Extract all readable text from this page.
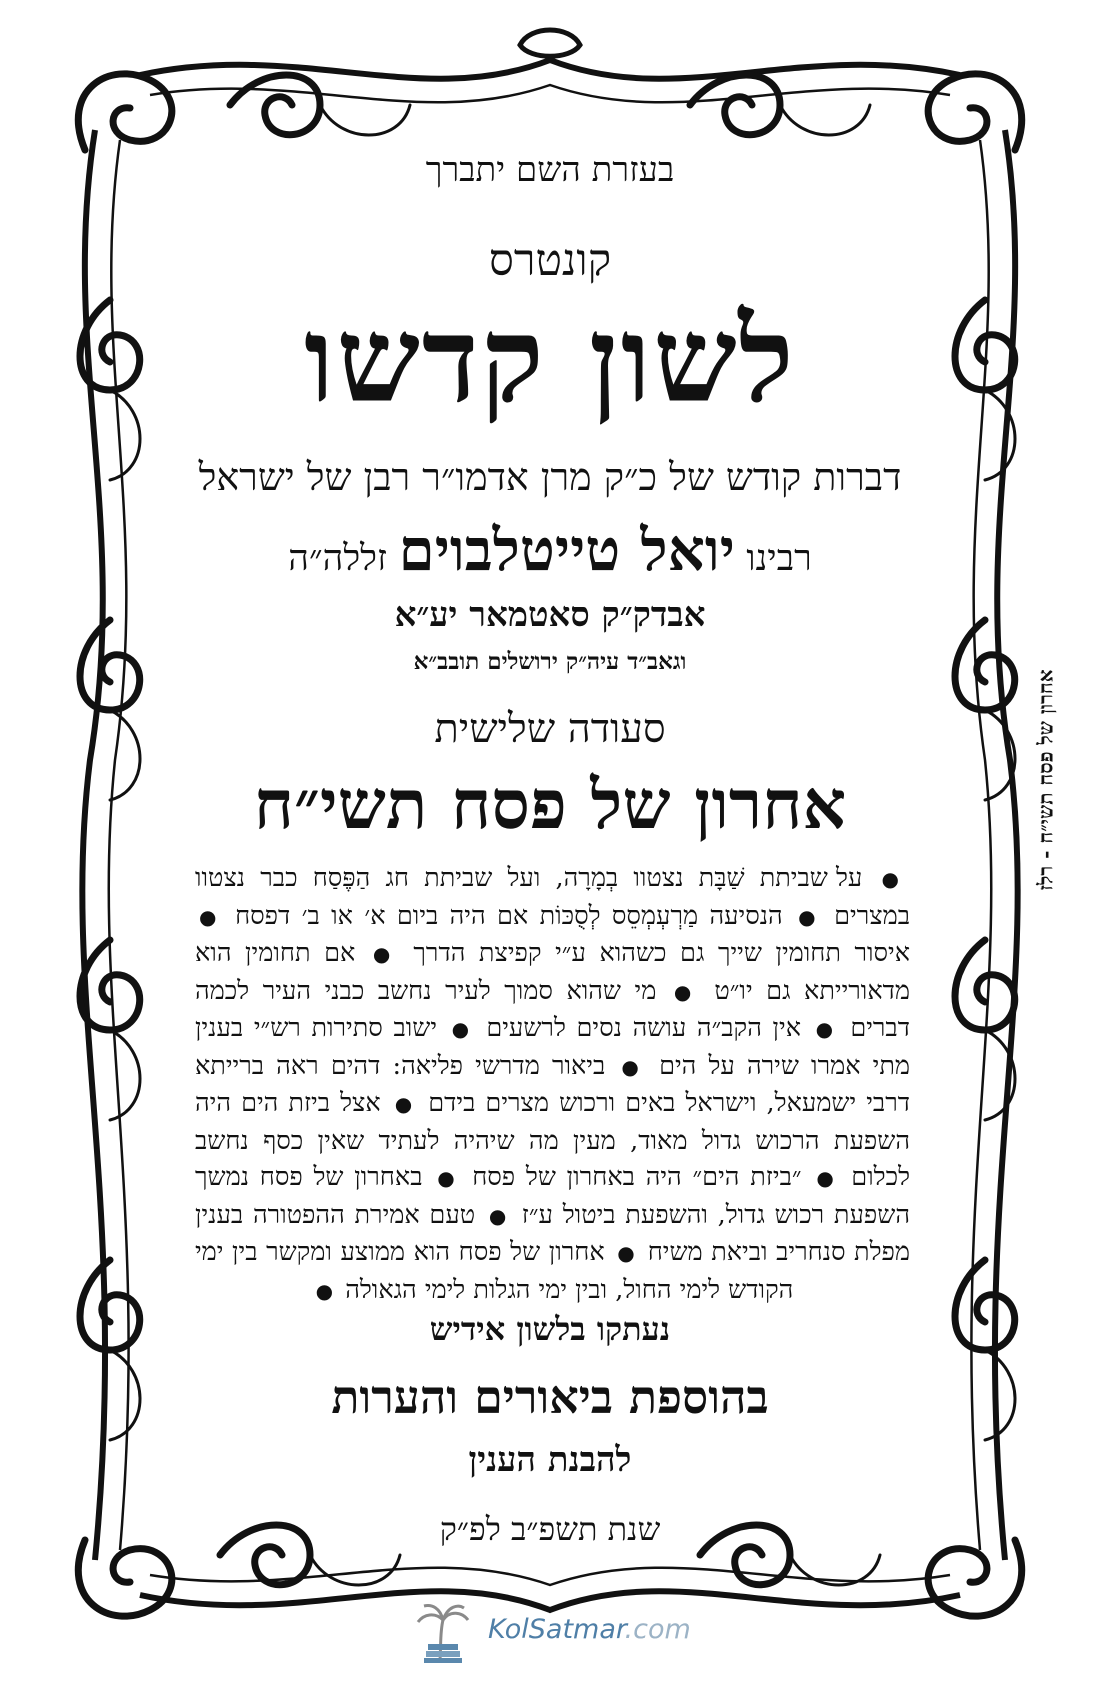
בעזרת השם יתברך
קונטרס
לשון קדשו
דברות קודש של כ״ק מרן אדמו״ר רבן של ישראל
רבינו יואל טייטלבוים זללה״ה
אבדק״ק סאטמאר יע״א
וגאב״ד עיה״ק ירושלים תובב״א
סעודה שלישית
אחרון של פסח תשי״ח
● על שביתת שַׁבָּת נצטוו בְמָרָה, ועל שביתת חג הַפֶּסַח כבר נצטוו במצרים ● הנסיעה מַרְעְמְסֵס לְסֻכּוֹת אם היה ביום א׳ או ב׳ דפסח ● איסור תחומין שייך גם כשהוא ע״י קפיצת הדרך ● אם תחומין הוא מדאורייתא גם יו״ט ● מי שהוא סמוך לעיר נחשב כבני העיר לכמה דברים ● אין הקב״ה עושה נסים לרשעים ● ישוב סתירות רש״י בענין מתי אמרו שירה על הים ● ביאור מדרשי פליאה: דהים ראה ברייתא דרבי ישמעאל, וישראל באים ורכוש מצרים בידם ● אצל ביזת הים היה השפעת הרכוש גדול מאוד, מעין מה שיהיה לעתיד שאין כסף נחשב לכלום ● ״ביזת הים״ היה באחרון של פסח ● באחרון של פסח נמשך השפעת רכוש גדול, והשפעת ביטול ע״ז ● טעם אמירת ההפטורה בענין מפלת סנחריב וביאת משיח ● אחרון של פסח הוא ממוצע ומקשר בין ימי הקודש לימי החול, ובין ימי הגלות לימי הגאולה ●
נעתקו בלשון אידיש
בהוספת ביאורים והערות
להבנת הענין
שנת תשפ״ב לפ״ק
אחרון של פסח תשי״ח - רלז
KolSatmar.com
